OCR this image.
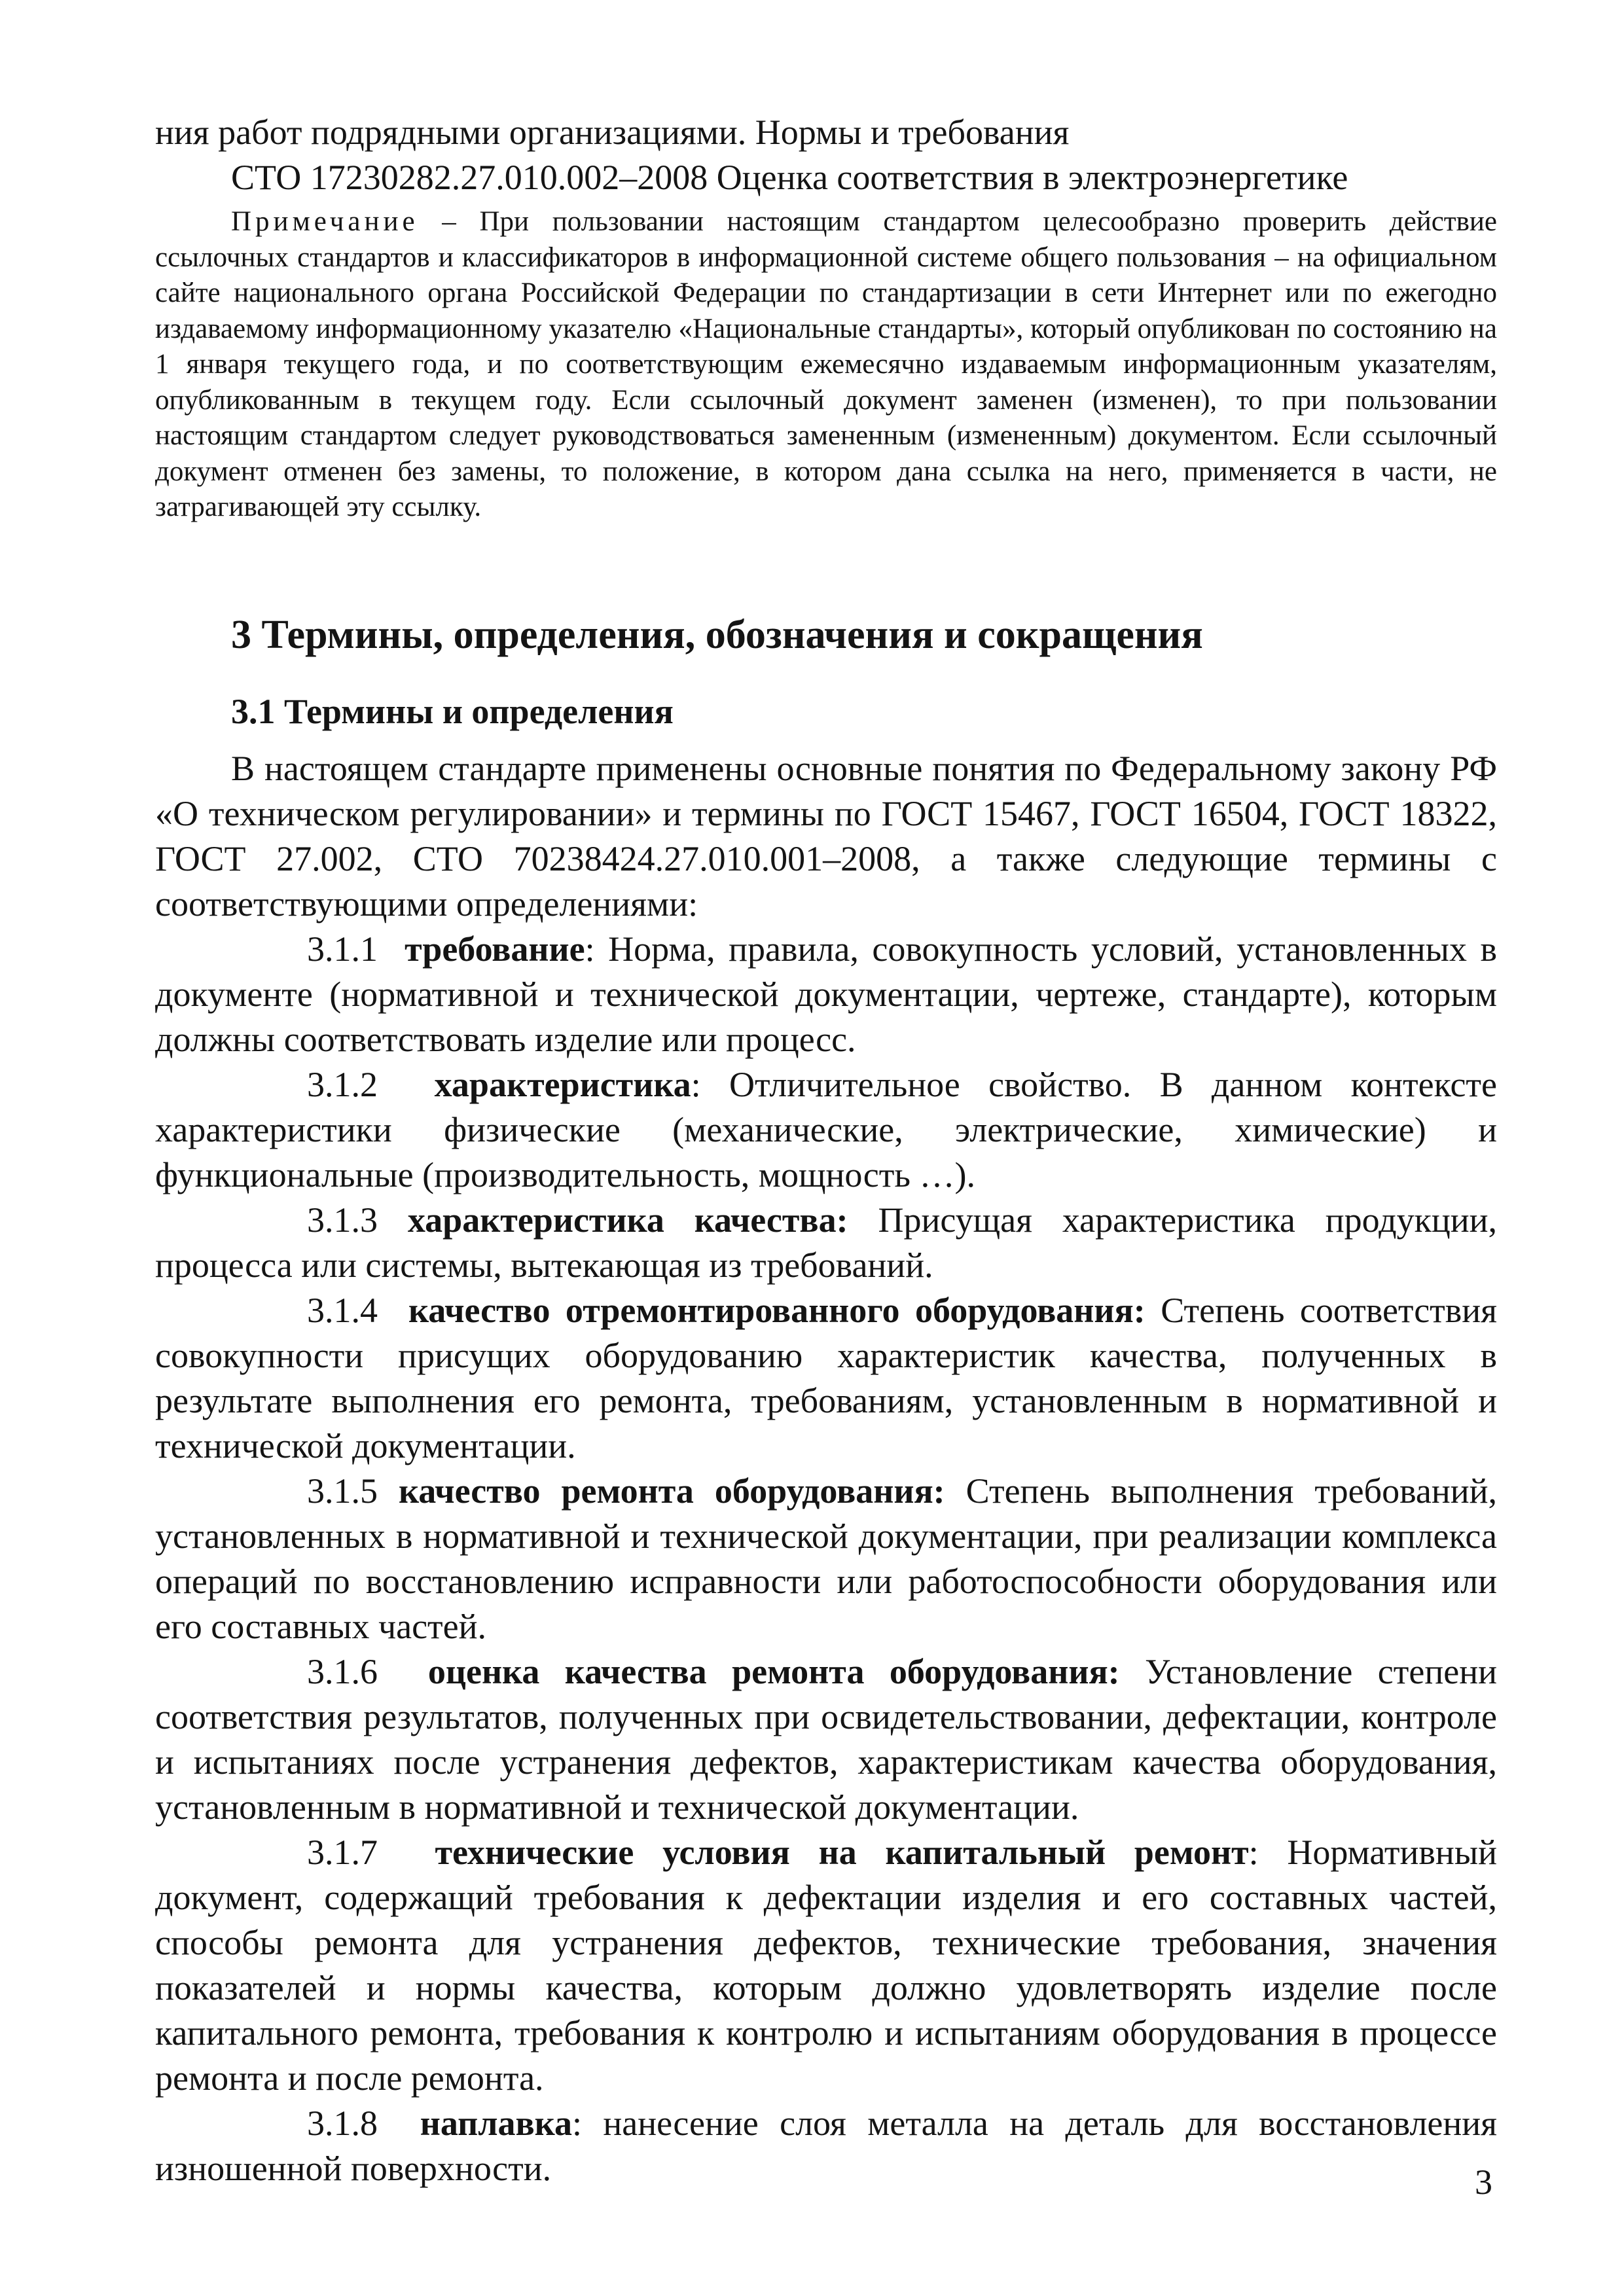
ния работ подрядными организациями. Нормы и требования
СТО 17230282.27.010.002–2008 Оценка соответствия в электроэнергетике
Примечание – При пользовании настоящим стандартом целесообразно проверить действие ссылочных стандартов и классификаторов в информационной системе общего пользования – на официальном сайте национального органа Российской Федерации по стандартизации в сети Интернет или по ежегодно издаваемому информационному указателю «Национальные стандарты», который опубликован по состоянию на 1 января текущего года, и по соответствующим ежемесячно издаваемым информационным указателям, опубликованным в текущем году. Если ссылочный документ заменен (изменен), то при пользовании настоящим стандартом следует руководствоваться замененным (измененным) документом. Если ссылочный документ отменен без замены, то положение, в котором дана ссылка на него, применяется в части, не затрагивающей эту ссылку.
3 Термины, определения, обозначения и сокращения
3.1 Термины и определения

В настоящем стандарте применены основные понятия по Федеральному закону РФ «О техническом регулировании» и термины по ГОСТ 15467, ГОСТ 16504, ГОСТ 18322, ГОСТ 27.002, СТО 70238424.27.010.001–2008, а также следующие термины с соответствующими определениями:

3.1.1 требование: Норма, правила, совокупность условий, установленных в документе (нормативной и технической документации, чертеже, стандарте), которым должны соответствовать изделие или процесс.

3.1.2 характеристика: Отличительное свойство. В данном контексте характеристики физические (механические, электрические, химические) и функциональные (производительность, мощность …).

3.1.3 характеристика качества: Присущая характеристика продукции, процесса или системы, вытекающая из требований.

3.1.4 качество отремонтированного оборудования: Степень соответствия совокупности присущих оборудованию характеристик качества, полученных в результате выполнения его ремонта, требованиям, установленным в нормативной и технической документации.

3.1.5 качество ремонта оборудования: Степень выполнения требований, установленных в нормативной и технической документации, при реализации комплекса операций по восстановлению исправности или работоспособности оборудования или его составных частей.

3.1.6 оценка качества ремонта оборудования: Установление степени соответствия результатов, полученных при освидетельствовании, дефектации, контроле и испытаниях после устранения дефектов, характеристикам качества оборудования, установленным в нормативной и технической документации.

3.1.7 технические условия на капитальный ремонт: Нормативный документ, содержащий требования к дефектации изделия и его составных частей, способы ремонта для устранения дефектов, технические требования, значения показателей и нормы качества, которым должно удовлетворять изделие после капитального ремонта, требования к контролю и испытаниям оборудования в процессе ремонта и после ремонта.

3.1.8 наплавка: нанесение слоя металла на деталь для восстановления изношенной поверхности.	3
